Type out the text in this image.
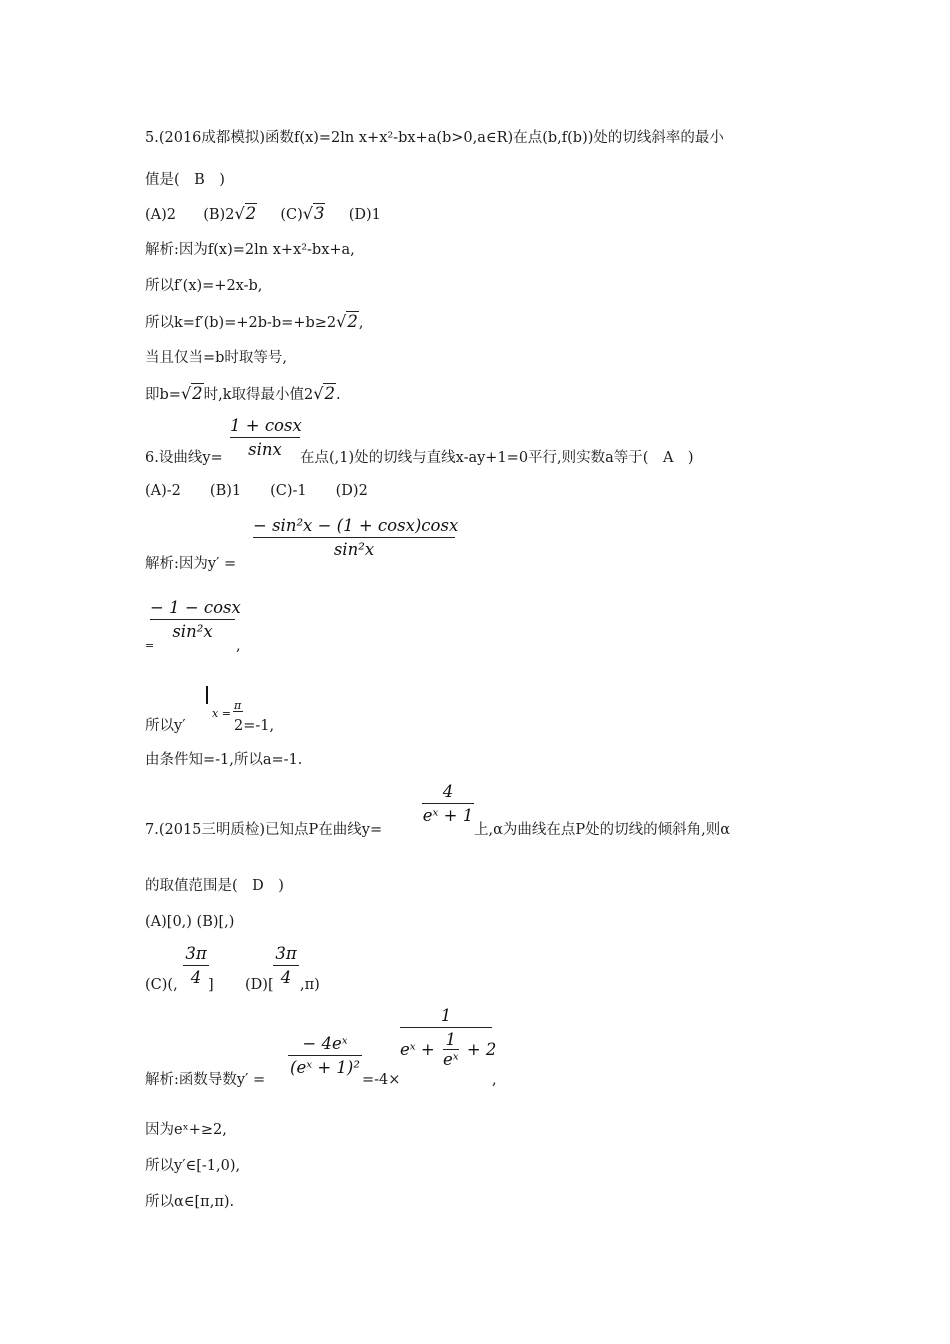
5.(2016成都模拟)函数f(x)=2ln x+x²-bx+a(b>0,a∈R)在点(b,f(b))处的切线斜率的最小
值是(　B　)
(A)2 (B)2√2 (C)√3 (D)1
解析:因为f(x)=2ln x+x²-bx+a,
所以f′(x)=+2x-b,
所以k=f′(b)=+2b-b=+b≥2√2,
当且仅当=b时取等号,
即b=√2时,k取得最小值2√2.
1 + cosx
sinx
6.设曲线y=	在点(,1)处的切线与直线x-ay+1=0平行,则实数a等于(　A　)
(A)-2　　(B)1　　(C)-1　　(D)2
− sin²x − (1 + cosx)cosx
sin²x
解析:因为y′ =
− 1 − cosx
sin²x
=	,
所以y′
x =
π
2=-1,
由条件知=-1,所以a=-1.
4
eˣ + 1
7.(2015三明质检)已知点P在曲线y=	上,α为曲线在点P处的切线的倾斜角,则α
的取值范围是(　D　)
(A)[0,) (B)[,)
3π
4
3π
4
(C)(, ] (D)[ ,π)
− 4eˣ
(eˣ + 1)²
1
eˣ + $\frac{1}{\text{eˣ}} + 2$
解析:函数导数y′ =	=-4×	,
因为eˣ+≥2,
所以y′∈[-1,0),
所以α∈[π,π).
